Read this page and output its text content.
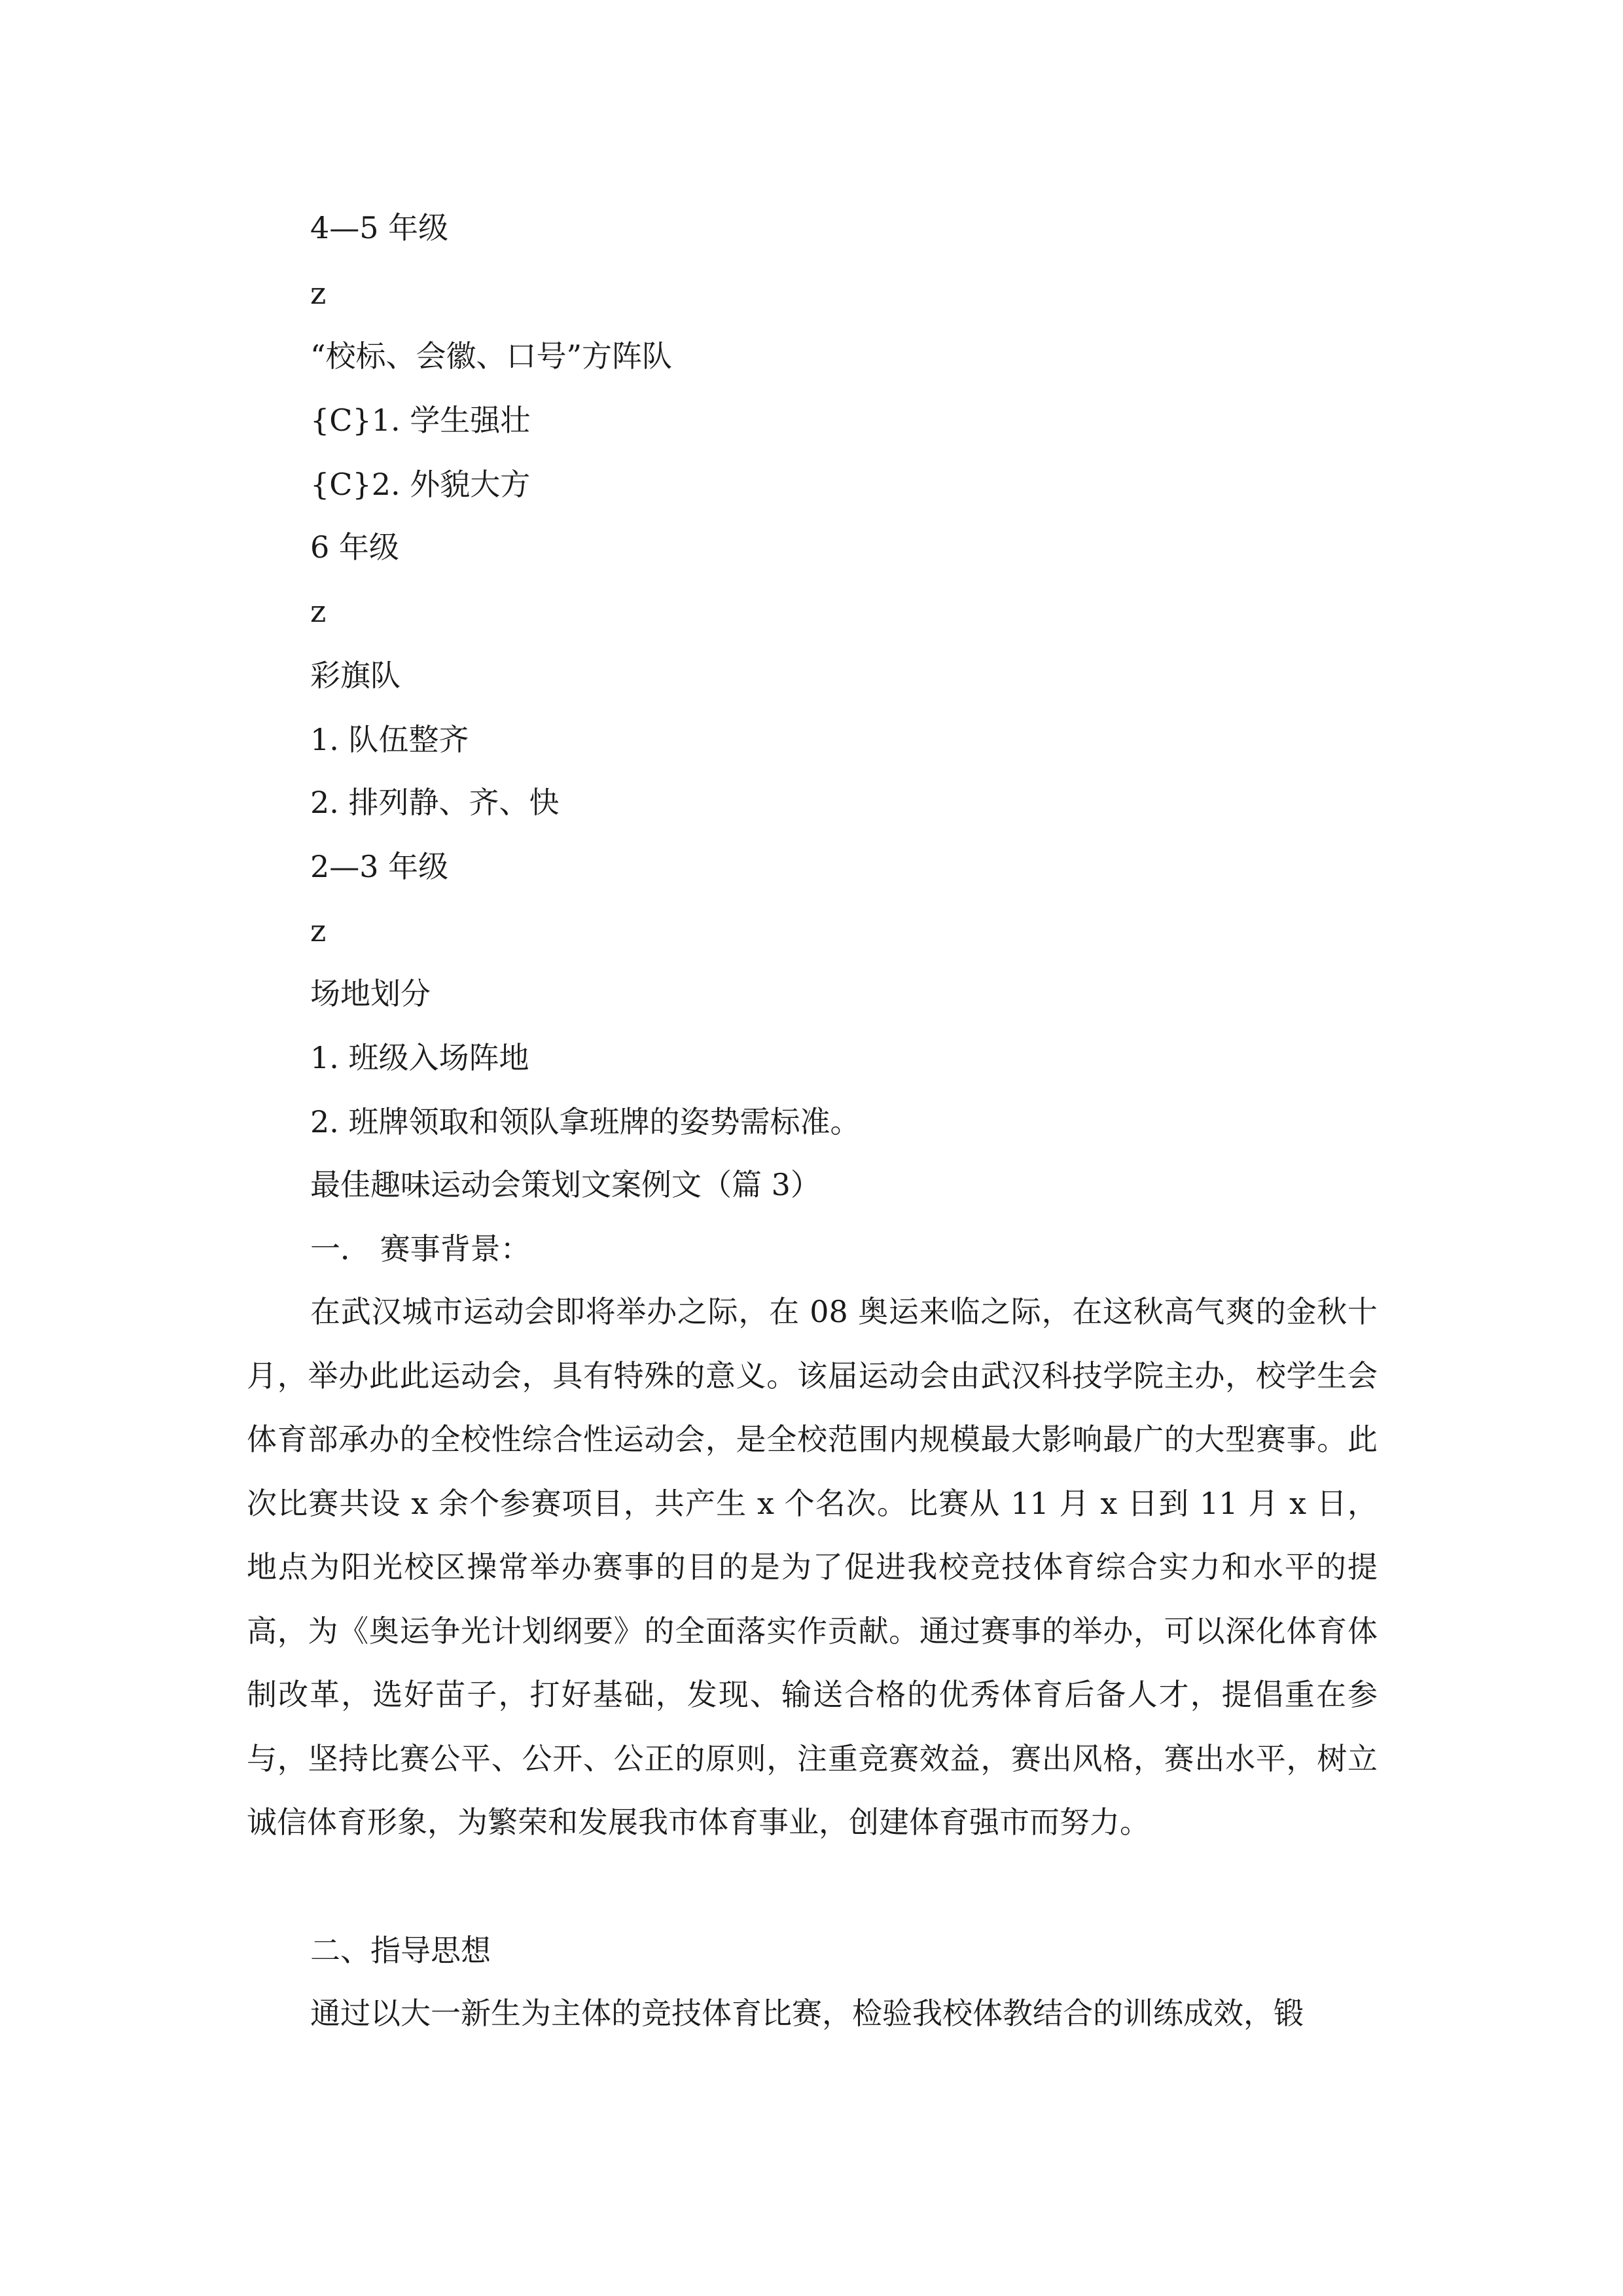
4—5 年级
z
“校标、会徽、口号”方阵队
{C}1. 学生强壮
{C}2. 外貌大方
6 年级
z
彩旗队
1. 队伍整齐
2. 排列静、齐、快
2—3 年级
z
场地划分
1. 班级入场阵地
2. 班牌领取和领队拿班牌的姿势需标准。
最佳趣味运动会策划文案例文（篇 3）
一． 赛事背景：

在武汉城市运动会即将举办之际，在 08 奥运来临之际，在这秋高气爽的金秋十月，举办此此运动会，具有特殊的意义。该届运动会由武汉科技学院主办，校学生会体育部承办的全校性综合性运动会，是全校范围内规模最大影响最广的大型赛事。此次比赛共设 x 余个参赛项目，共产生 x 个名次。比赛从 11 月 x 日到 11 月 x 日，地点为阳光校区操常举办赛事的目的是为了促进我校竞技体育综合实力和水平的提高，为《奥运争光计划纲要》的全面落实作贡献。通过赛事的举办，可以深化体育体制改革，选好苗子，打好基础，发现、输送合格的优秀体育后备人才，提倡重在参与，坚持比赛公平、公开、公正的原则，注重竞赛效益，赛出风格，赛出水平，树立诚信体育形象，为繁荣和发展我市体育事业，创建体育强市而努力。

二、指导思想
通过以大一新生为主体的竞技体育比赛，检验我校体教结合的训练成效，锻
